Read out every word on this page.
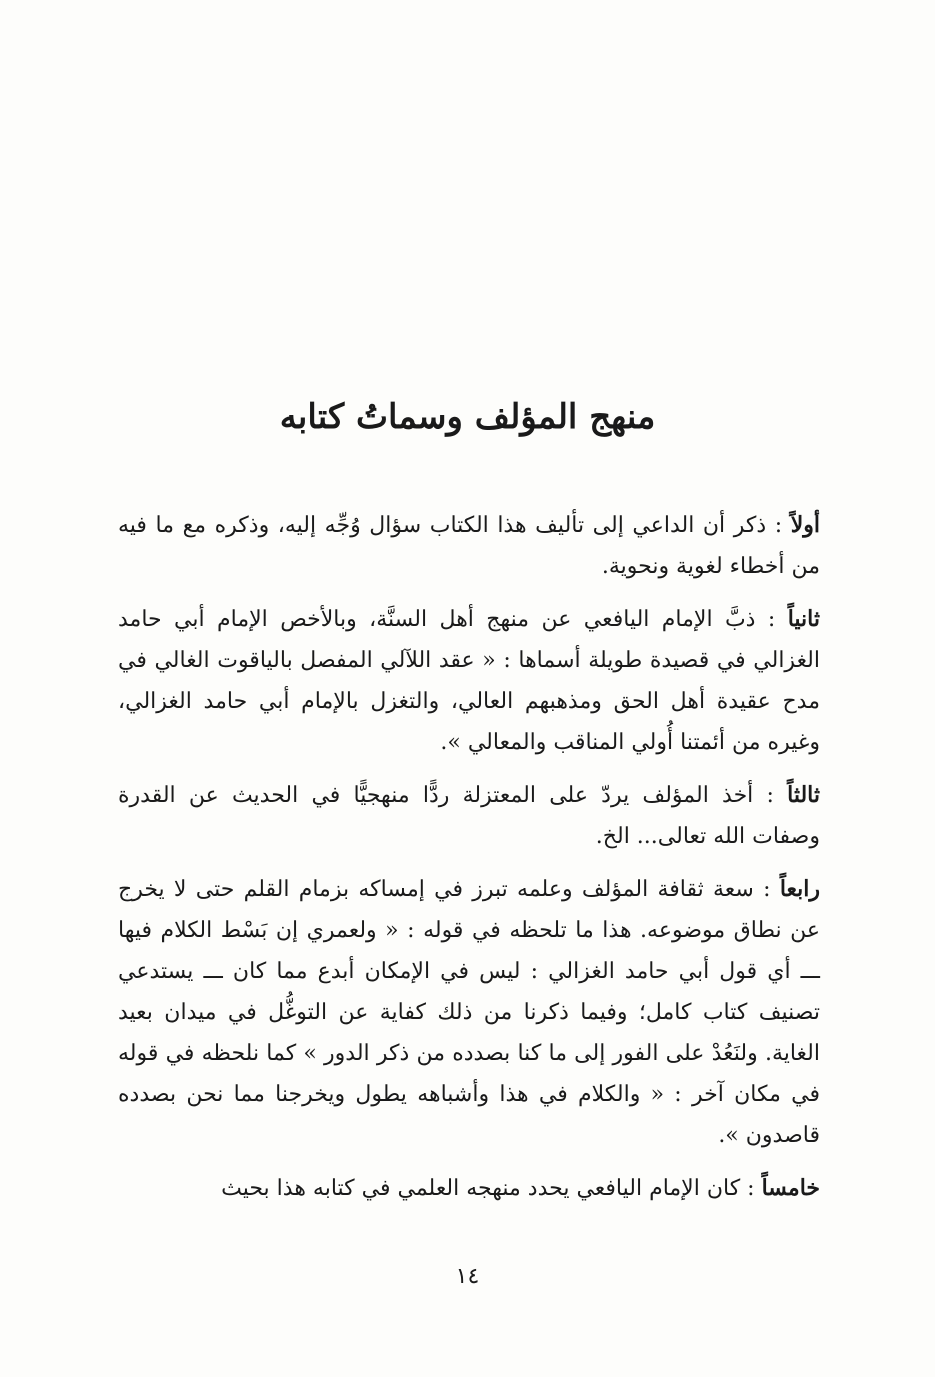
منهج المؤلف وسماتُ كتابه

أولاً : ذكر أن الداعي إلى تأليف هذا الكتاب سؤال وُجِّه إليه، وذكره مع ما فيه من أخطاء لغوية ونحوية.

ثانياً : ذبَّ الإمام اليافعي عن منهج أهل السنَّة، وبالأخص الإمام أبي حامد الغزالي في قصيدة طويلة أسماها : « عقد اللآلي المفصل بالياقوت الغالي في مدح عقيدة أهل الحق ومذهبهم العالي، والتغزل بالإمام أبي حامد الغزالي، وغيره من أئمتنا أُولي المناقب والمعالي ».

ثالثاً : أخذ المؤلف يردّ على المعتزلة ردًّا منهجيًّا في الحديث عن القدرة وصفات الله تعالى... الخ.

رابعاً : سعة ثقافة المؤلف وعلمه تبرز في إمساكه بزمام القلم حتى لا يخرج عن نطاق موضوعه. هذا ما تلحظه في قوله : « ولعمري إن بَسْط الكلام فيها ـــ أي قول أبي حامد الغزالي : ليس في الإمكان أبدع مما كان ـــ يستدعي تصنيف كتاب كامل؛ وفيما ذكرنا من ذلك كفاية عن التوغُّل في ميدان بعيد الغاية. ولنَعُدْ على الفور إلى ما كنا بصدده من ذكر الدور » كما نلحظه في قوله في مكان آخر : « والكلام في هذا وأشباهه يطول ويخرجنا مما نحن بصدده قاصدون ».

خامساً : كان الإمام اليافعي يحدد منهجه العلمي في كتابه هذا بحيث

١٤
